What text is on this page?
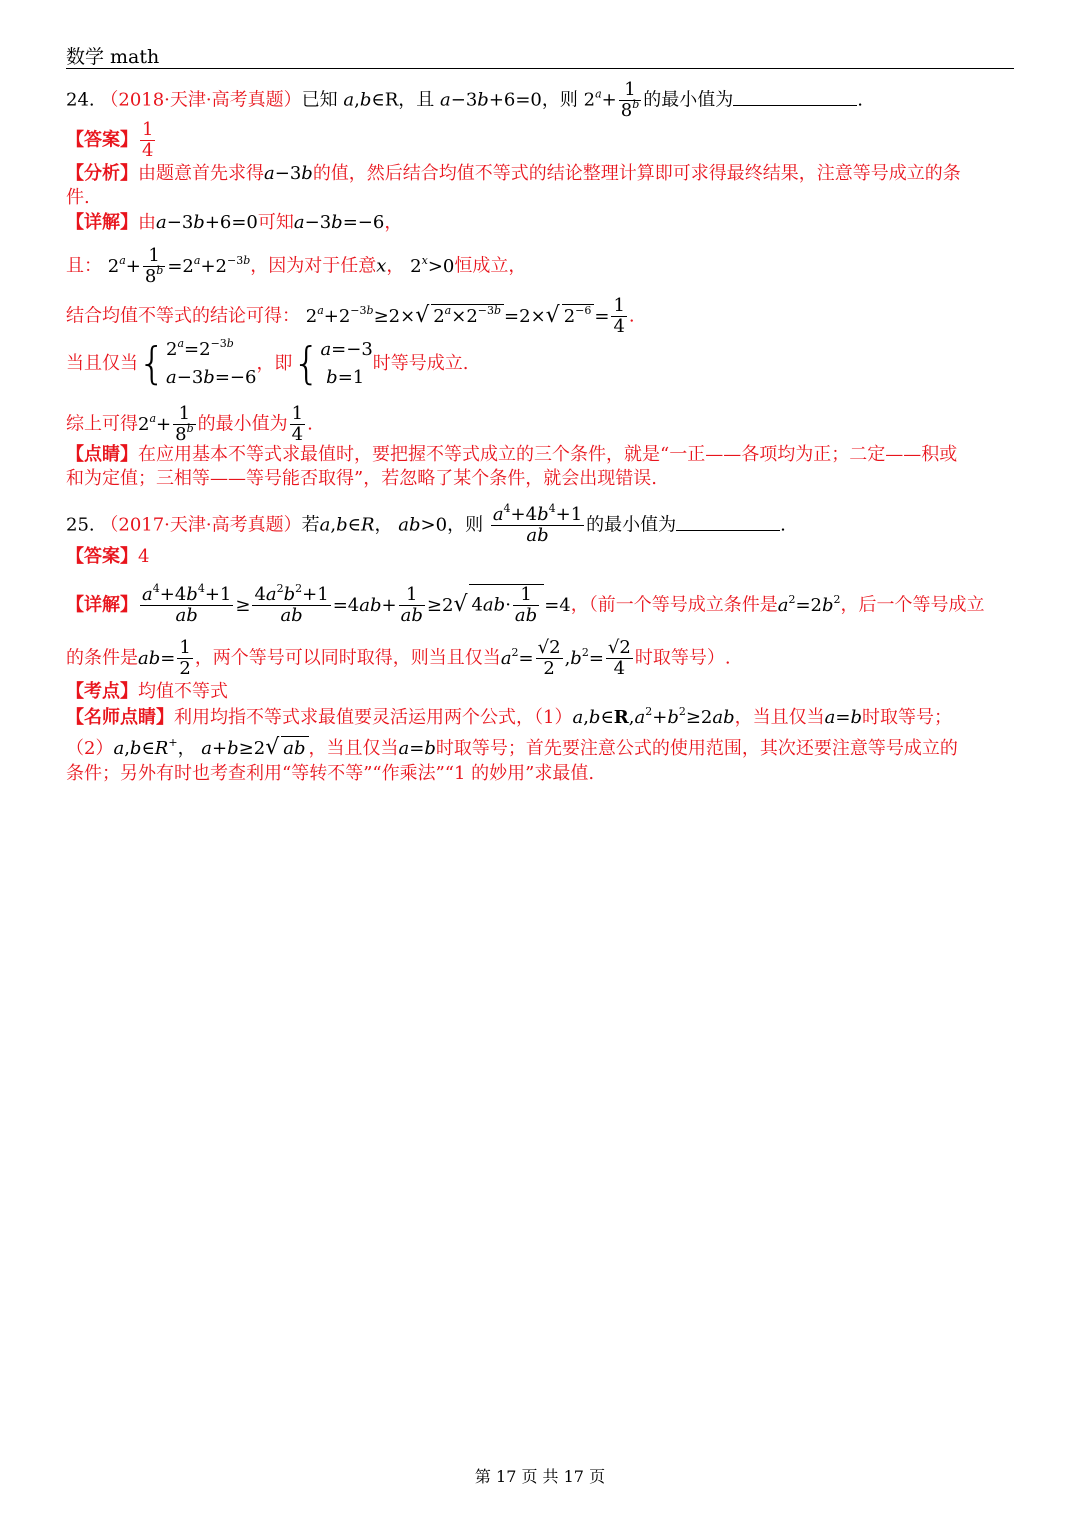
数学 math
24. （2018·天津·高考真题）已知 a,b∈R，且 a−3b+6=0，则 $2^a+ \frac{1}{8^b}$ 的最小值为	.
【答案】 $\frac{1}{4}$
【分析】由题意首先求得a−3b的值，然后结合均值不等式的结论整理计算即可求得最终结果，注意等号成立的条
件.
【详解】由a−3b+6=0可知a−3b=−6，
且： $2^a+ \frac{1}{8^b} =2^a+2^{-3b}$，因为对于任意x， $2^x>0$恒成立，
结合均值不等式的结论可得： $2^a+2^{-3b}\ge 2\times√$ $2^a\times 2^{-3b} =2\times√$ $2^{-6} = \frac{1}{4}$ .
当且仅当{$2^a=2^{-3b}$
a−3b=−6，即{a=−3
b=1时等号成立.
综上可得$2^a+ \frac{1}{8^b}$ 的最小值为 $\frac{1}{4}$ .
【点睛】在应用基本不等式求最值时，要把握不等式成立的三个条件，就是“一正——各项均为正；二定——积或
和为定值；三相等——等号能否取得”，若忽略了某个条件，就会出现错误.
25. （2017·天津·高考真题）若a,b∈R， ab>0，则 $\frac{a^4+4b^4+1}{ab}$ 的最小值为	.
【答案】4
【详解】 $\frac{a^4+4b^4+1}{ab} \ge \frac{4a^2b^2+1}{ab} =4ab+ \frac{1}{ab} \ge 2√$ $4ab\cdot \frac{1}{ab} =4$，（前一个等号成立条件是$a^2=2b^2$，后一个等号成立
的条件是$ab= \frac{1}{2}$ ，两个等号可以同时取得，则当且仅当$a^2= \frac{√2}{2} ,b^2= \frac{√2}{4}$ 时取等号）.
【考点】均值不等式
【名师点睛】利用均指不等式求最值要灵活运用两个公式，$(1)a,b\in R,a^2+b^2\ge 2ab$，当且仅当a=b时取等号；
（2）a,b∈R+， a+b≥2√ ab ，当且仅当a=b时取等号；首先要注意公式的使用范围，其次还要注意等号成立的
条件；另外有时也考查利用“等转不等”“作乘法”“1 的妙用”求最值.
第 17 页 共 17 页
